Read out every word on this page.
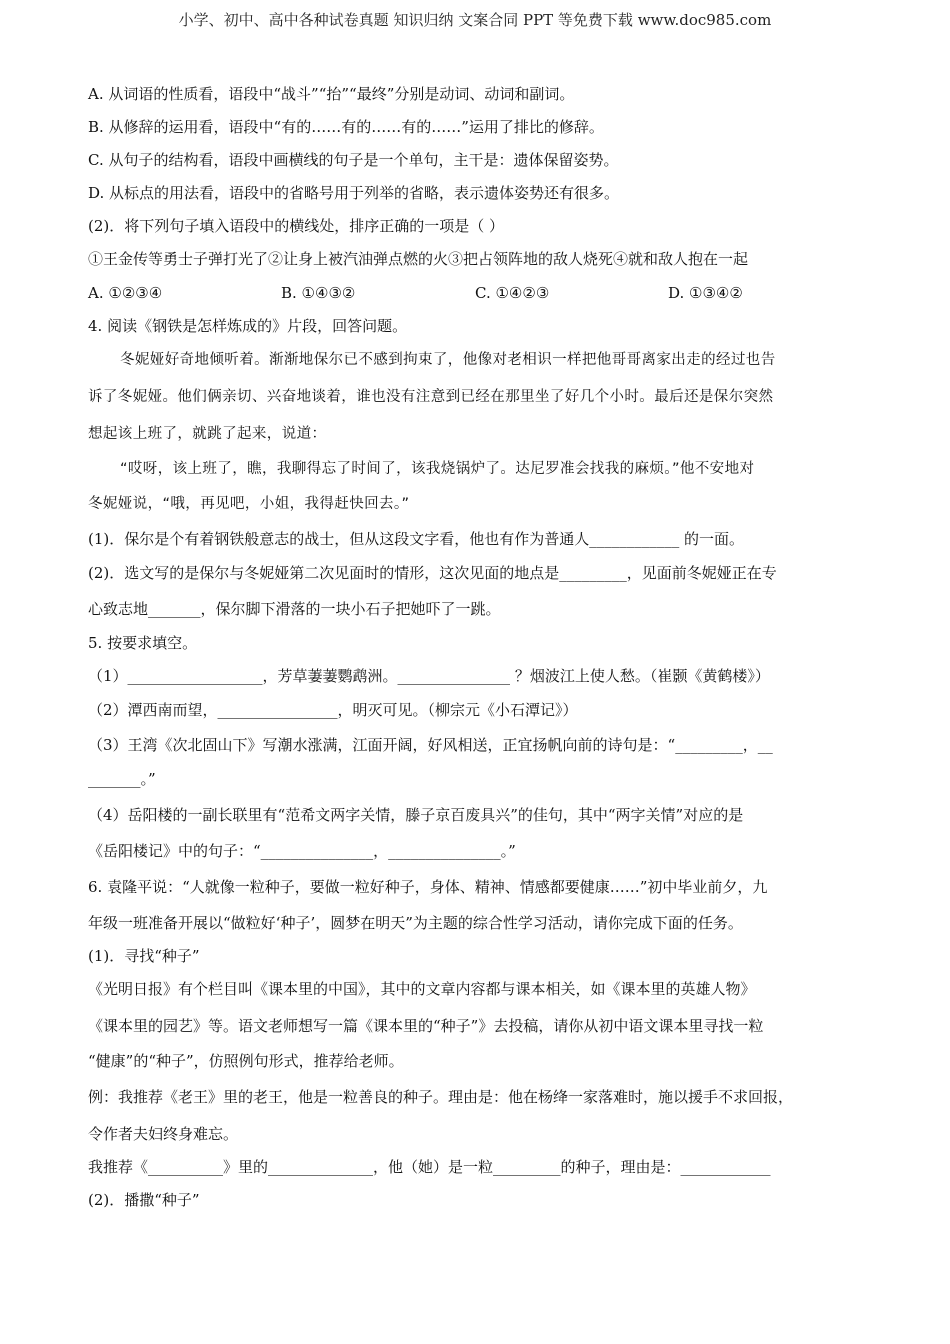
小学、初中、高中各种试卷真题 知识归纳 文案合同 PPT 等免费下载 www.doc985.com
A. 从词语的性质看，语段中“战斗”“抬”“最终”分别是动词、动词和副词。
B. 从修辞的运用看，语段中“有的……有的……有的……”运用了排比的修辞。
C. 从句子的结构看，语段中画横线的句子是一个单句，主干是：遗体保留姿势。
D. 从标点的用法看，语段中的省略号用于列举的省略，表示遗体姿势还有很多。
(2)．将下列句子填入语段中的横线处，排序正确的一项是（ ）
①王金传等勇士子弹打光了②让身上被汽油弹点燃的火③把占领阵地的敌人烧死④就和敌人抱在一起
A. ①②③④	B. ①④③②	C. ①④②③	D. ①③④②
4. 阅读《钢铁是怎样炼成的》片段，回答问题。
冬妮娅好奇地倾听着。渐渐地保尔已不感到拘束了，他像对老相识一样把他哥哥离家出走的经过也告
诉了冬妮娅。他们俩亲切、兴奋地谈着，谁也没有注意到已经在那里坐了好几个小时。最后还是保尔突然
想起该上班了，就跳了起来，说道：
“哎呀，该上班了，瞧，我聊得忘了时间了，该我烧锅炉了。达尼罗准会找我的麻烦。”他不安地对
冬妮娅说，“哦，再见吧，小姐，我得赶快回去。”
(1)．保尔是个有着钢铁般意志的战士，但从这段文字看，他也有作为普通人____________ 的一面。
(2)．选文写的是保尔与冬妮娅第二次见面时的情形，这次见面的地点是_________，见面前冬妮娅正在专
心致志地_______，保尔脚下滑落的一块小石子把她吓了一跳。
5. 按要求填空。
（1）__________________，芳草萋萋鹦鹉洲。_______________ ？烟波江上使人愁。（崔颢《黄鹤楼》）
（2）潭西南而望，________________，明灭可见。（柳宗元《小石潭记》）
（3）王湾《次北固山下》写潮水涨满，江面开阔，好风相送，正宜扬帆向前的诗句是：“_________，__
_______。”
（4）岳阳楼的一副长联里有“范希文两字关情，滕子京百废具兴”的佳句，其中“两字关情”对应的是
《岳阳楼记》中的句子：“_______________，_______________。”
6. 袁隆平说：“人就像一粒种子，要做一粒好种子，身体、精神、情感都要健康……”初中毕业前夕，九
年级一班准备开展以“做粒好‘种子’，圆梦在明天”为主题的综合性学习活动，请你完成下面的任务。
(1)．寻找“种子”
《光明日报》有个栏目叫《课本里的中国》，其中的文章内容都与课本相关，如《课本里的英雄人物》
《课本里的园艺》等。语文老师想写一篇《课本里的“种子”》去投稿，请你从初中语文课本里寻找一粒
“健康”的“种子”，仿照例句形式，推荐给老师。
例：我推荐《老王》里的老王，他是一粒善良的种子。理由是：他在杨绛一家落难时，施以援手不求回报，
令作者夫妇终身难忘。
我推荐《__________》里的______________，他（她）是一粒_________的种子，理由是：____________
(2)．播撒“种子”
